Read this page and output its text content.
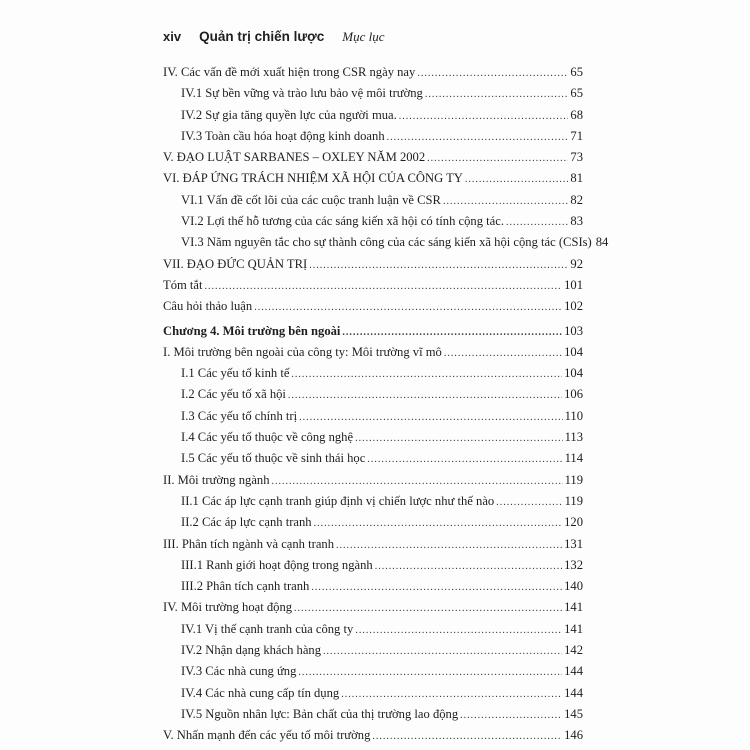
xiv Quản trị chiến lược Mục lục
IV. Các vấn đề mới xuất hiện trong CSR ngày nay .....	65
IV.1 Sự bền vững và trào lưu bảo vệ môi trường .....	65
IV.2 Sự gia tăng quyền lực của người mua. .....	68
IV.3 Toàn cầu hóa hoạt động kinh doanh .....	71
V. ĐẠO LUẬT SARBANES – OXLEY NĂM 2002 .....	73
VI. ĐÁP ỨNG TRÁCH NHIỆM XÃ HỘI CỦA CÔNG TY .....	81
VI.1 Vấn đề cốt lõi của các cuộc tranh luận về CSR .....	82
VI.2 Lợi thế hỗ tương của các sáng kiến xã hội có tính cộng tác. .....	83
VI.3 Năm nguyên tắc cho sự thành công của các sáng kiến xã hội cộng tác (CSIs) 84
VII. ĐẠO ĐỨC QUẢN TRỊ .....	92
Tóm tắt .....	101
Câu hỏi thảo luận .....	102
Chương 4. Môi trường bên ngoài .....	103
I. Môi trường bên ngoài của công ty: Môi trường vĩ mô .....	104
I.1 Các yếu tố kinh tế .....	104
I.2 Các yếu tố xã hội .....	106
I.3 Các yếu tố chính trị .....	110
I.4 Các yếu tố thuộc về công nghệ .....	113
I.5 Các yếu tố thuộc về sinh thái học .....	114
II. Môi trường ngành .....	119
II.1 Các áp lực cạnh tranh giúp định vị chiến lược như thế nào .....	119
II.2 Các áp lực cạnh tranh .....	120
III. Phân tích ngành và cạnh tranh .....	131
III.1 Ranh giới hoạt động trong ngành .....	132
III.2 Phân tích cạnh tranh .....	140
IV. Môi trường hoạt động .....	141
IV.1 Vị thế cạnh tranh của công ty .....	141
IV.2 Nhận dạng khách hàng .....	142
IV.3 Các nhà cung ứng .....	144
IV.4 Các nhà cung cấp tín dụng .....	144
IV.5 Nguồn nhân lực: Bản chất của thị trường lao động .....	145
V. Nhấn mạnh đến các yếu tố môi trường .....	146
